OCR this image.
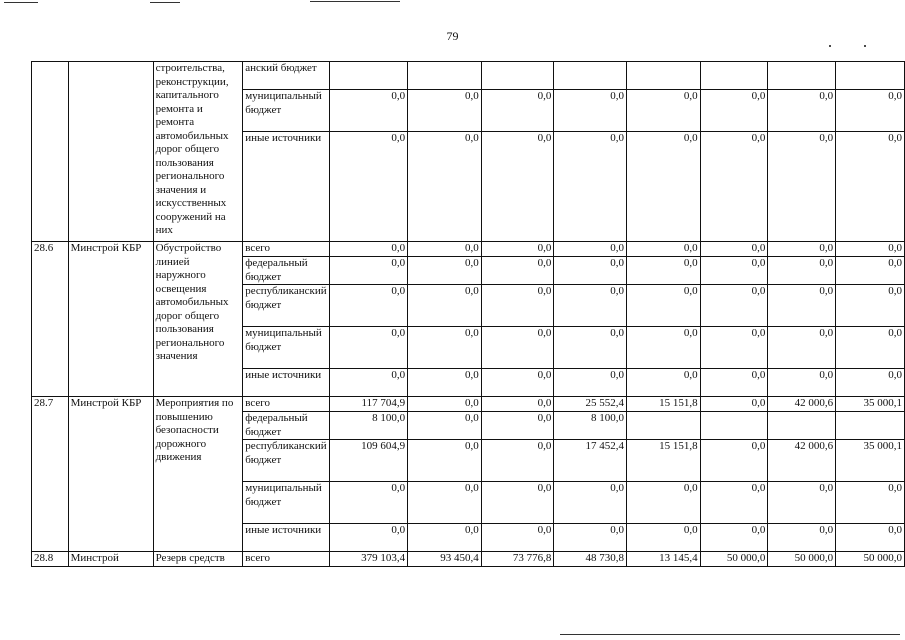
79
		строительства, реконструкции, капитального ремонта и ремонта автомобильных дорог общего пользования регионального значения и искусственных сооружений на них	анский бюджет								
			муниципальный бюджет	0,0	0,0	0,0	0,0	0,0	0,0	0,0	0,0
			иные источники	0,0	0,0	0,0	0,0	0,0	0,0	0,0	0,0
28.6	Минстрой КБР	Обустройство линией наружного освещения автомобильных дорог общего пользования регионального значения	всего	0,0	0,0	0,0	0,0	0,0	0,0	0,0	0,0
			федеральный бюджет	0,0	0,0	0,0	0,0	0,0	0,0	0,0	0,0
			республиканский бюджет	0,0	0,0	0,0	0,0	0,0	0,0	0,0	0,0
			муниципальный бюджет	0,0	0,0	0,0	0,0	0,0	0,0	0,0	0,0
			иные источники	0,0	0,0	0,0	0,0	0,0	0,0	0,0	0,0
28.7	Минстрой КБР	Мероприятия по повышению безопасности дорожного движения	всего	117 704,9	0,0	0,0	25 552,4	15 151,8	0,0	42 000,6	35 000,1
			федеральный бюджет	8 100,0	0,0	0,0	8 100,0				
			республиканский бюджет	109 604,9	0,0	0,0	17 452,4	15 151,8	0,0	42 000,6	35 000,1
			муниципальный бюджет	0,0	0,0	0,0	0,0	0,0	0,0	0,0	0,0
			иные источники	0,0	0,0	0,0	0,0	0,0	0,0	0,0	0,0
28.8	Минстрой	Резерв средств	всего	379 103,4	93 450,4	73 776,8	48 730,8	13 145,4	50 000,0	50 000,0	50 000,0
